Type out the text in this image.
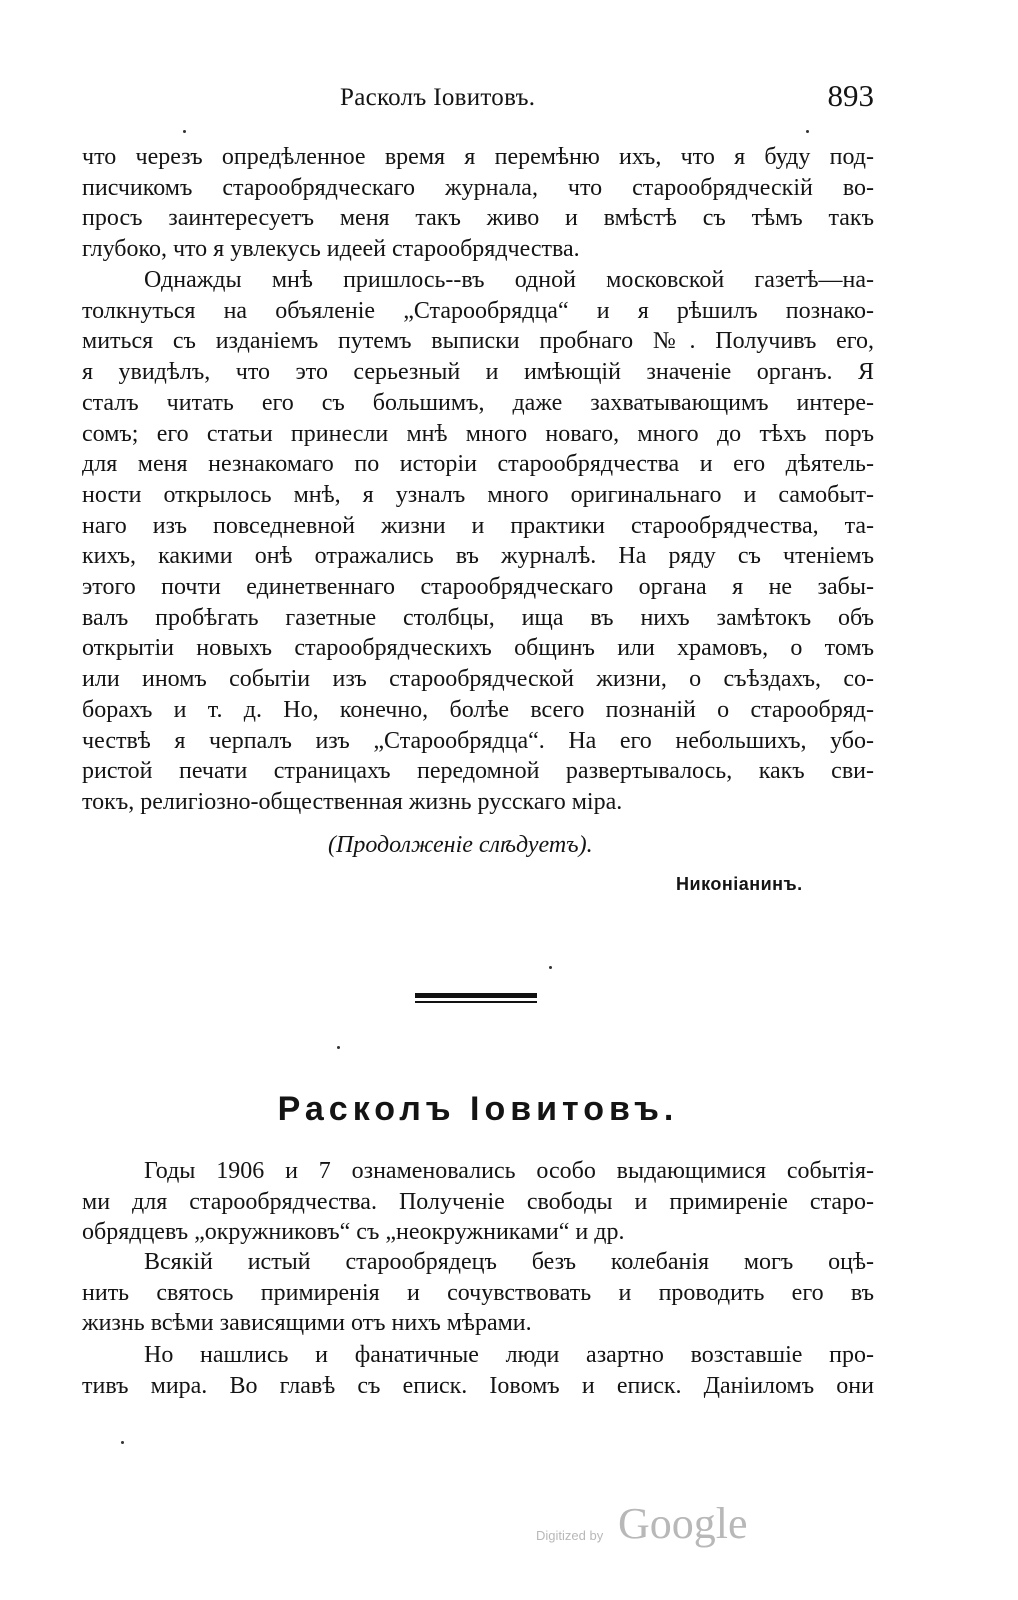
Расколъ Іовитовъ.	893
что черезъ опредѣленное время я перемѣню ихъ, что я буду под-
писчикомъ старообрядческаго журнала, что старообрядческій во-
просъ заинтересуетъ меня такъ живо и вмѣстѣ съ тѣмъ такъ
глубоко, что я увлекусь идеей старообрядчества.
Однажды мнѣ пришлось--въ одной московской газетѣ—на-
толкнуться на объяленіе „Старообрядца“ и я рѣшилъ познако-
миться съ изданіемъ путемъ выписки пробнаго №. Получивъ его,
я увидѣлъ, что это серьезный и имѣющій значеніе органъ. Я
сталъ читать его съ большимъ, даже захватывающимъ интере-
сомъ; его статьи принесли мнѣ много новаго, много до тѣхъ поръ
для меня незнакомаго по исторіи старообрядчества и его дѣятель-
ности открылось мнѣ, я узналъ много оригинальнаго и самобыт-
наго изъ повседневной жизни и практики старообрядчества, та-
кихъ, какими онѣ отражались въ журналѣ. На ряду съ чтеніемъ
этого почти единетвеннаго старообрядческаго органа я не забы-
валъ пробѣгать газетные столбцы, ища въ нихъ замѣтокъ объ
открытіи новыхъ старообрядческихъ общинъ или храмовъ, о томъ
или иномъ событіи изъ старообрядческой жизни, о съѣздахъ, со-
борахъ и т. д. Но, конечно, болѣе всего познаній о старообряд-
чествѣ я черпалъ изъ „Старообрядца“. На его небольшихъ, убо-
ристой печати страницахъ передомной развертывалось, какъ сви-
токъ, религіозно-общественная жизнь русскаго міра.
(Продолженіе слѣдуетъ).
Никоніанинъ.
Расколъ Іовитовъ.
Годы 1906 и 7 ознаменовались особо выдающимися событія-
ми для старообрядчества. Полученіе свободы и примиреніе старо-
обрядцевъ „окружниковъ“ съ „неокружниками“ и др.
Всякій истый старообрядецъ безъ колебанія могъ оцѣ-
нить святось примиренія и сочувствовать и проводить его въ
жизнь всѣми зависящими отъ нихъ мѣрами.
Но нашлись и фанатичные люди азартно возставшіе про-
тивъ мира. Во главѣ съ еписк. Іовомъ и еписк. Даніиломъ они
Digitized by Google
